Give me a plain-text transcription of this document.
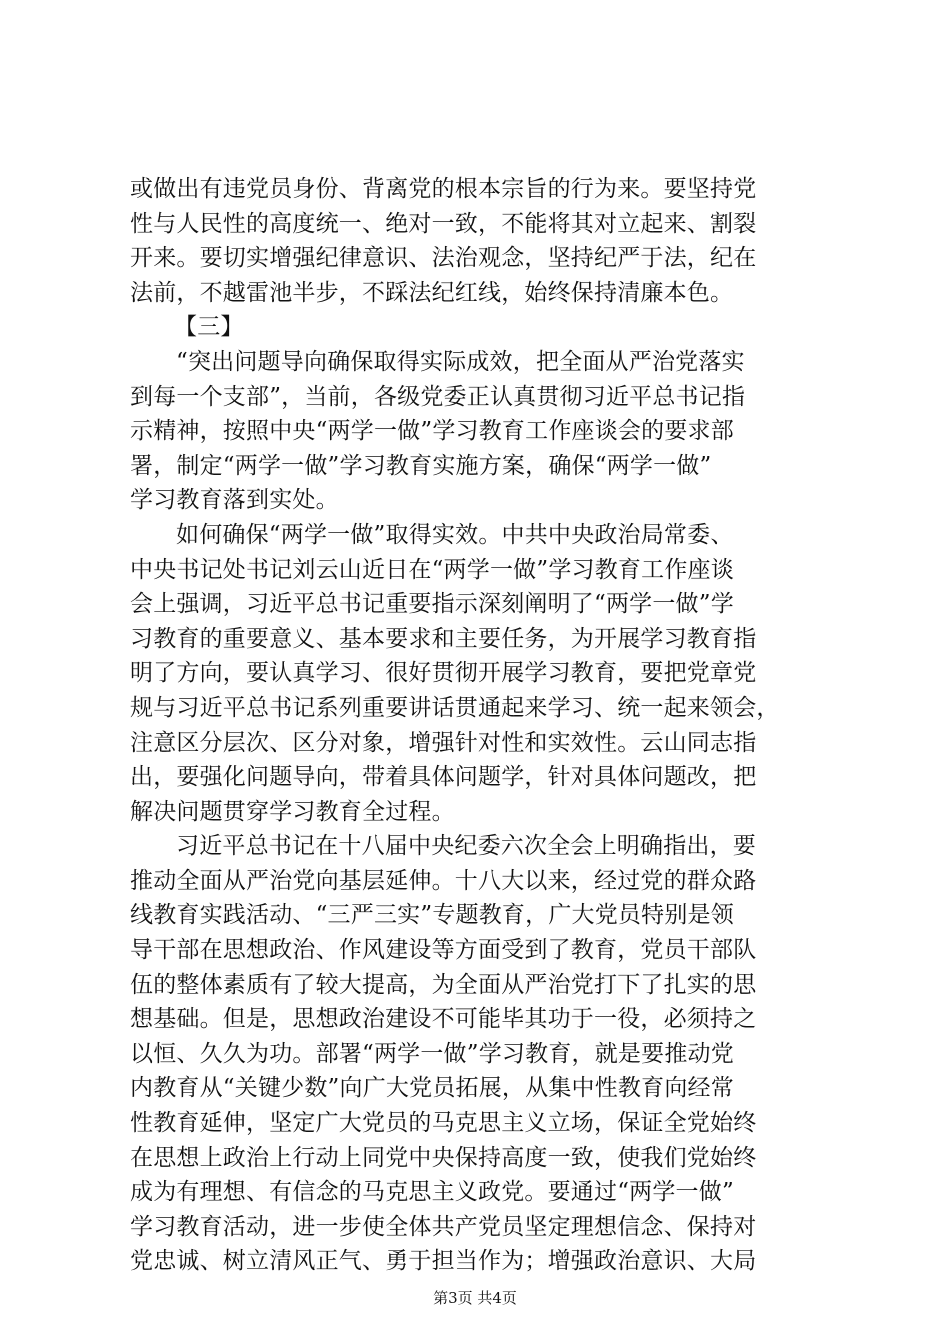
或做出有违党员身份、背离党的根本宗旨的行为来。要坚持党
性与人民性的高度统一、绝对一致，不能将其对立起来、割裂
开来。要切实增强纪律意识、法治观念，坚持纪严于法，纪在
法前，不越雷池半步，不踩法纪红线，始终保持清廉本色。
【三】
“突出问题导向确保取得实际成效，把全面从严治党落实
到每一个支部”，当前，各级党委正认真贯彻习近平总书记指
示精神，按照中央“两学一做”学习教育工作座谈会的要求部
署，制定“两学一做”学习教育实施方案，确保“两学一做”
学习教育落到实处。
如何确保“两学一做”取得实效。中共中央政治局常委、
中央书记处书记刘云山近日在“两学一做”学习教育工作座谈
会上强调，习近平总书记重要指示深刻阐明了“两学一做”学
习教育的重要意义、基本要求和主要任务，为开展学习教育指
明了方向，要认真学习、很好贯彻开展学习教育，要把党章党
规与习近平总书记系列重要讲话贯通起来学习、统一起来领会，
注意区分层次、区分对象，增强针对性和实效性。云山同志指
出，要强化问题导向，带着具体问题学，针对具体问题改，把
解决问题贯穿学习教育全过程。
习近平总书记在十八届中央纪委六次全会上明确指出，要
推动全面从严治党向基层延伸。十八大以来，经过党的群众路
线教育实践活动、“三严三实”专题教育，广大党员特别是领
导干部在思想政治、作风建设等方面受到了教育，党员干部队
伍的整体素质有了较大提高，为全面从严治党打下了扎实的思
想基础。但是，思想政治建设不可能毕其功于一役，必须持之
以恒、久久为功。部署“两学一做”学习教育，就是要推动党
内教育从“关键少数”向广大党员拓展，从集中性教育向经常
性教育延伸，坚定广大党员的马克思主义立场，保证全党始终
在思想上政治上行动上同党中央保持高度一致，使我们党始终
成为有理想、有信念的马克思主义政党。要通过“两学一做”
学习教育活动，进一步使全体共产党员坚定理想信念、保持对
党忠诚、树立清风正气、勇于担当作为；增强政治意识、大局
第3页 共4页
